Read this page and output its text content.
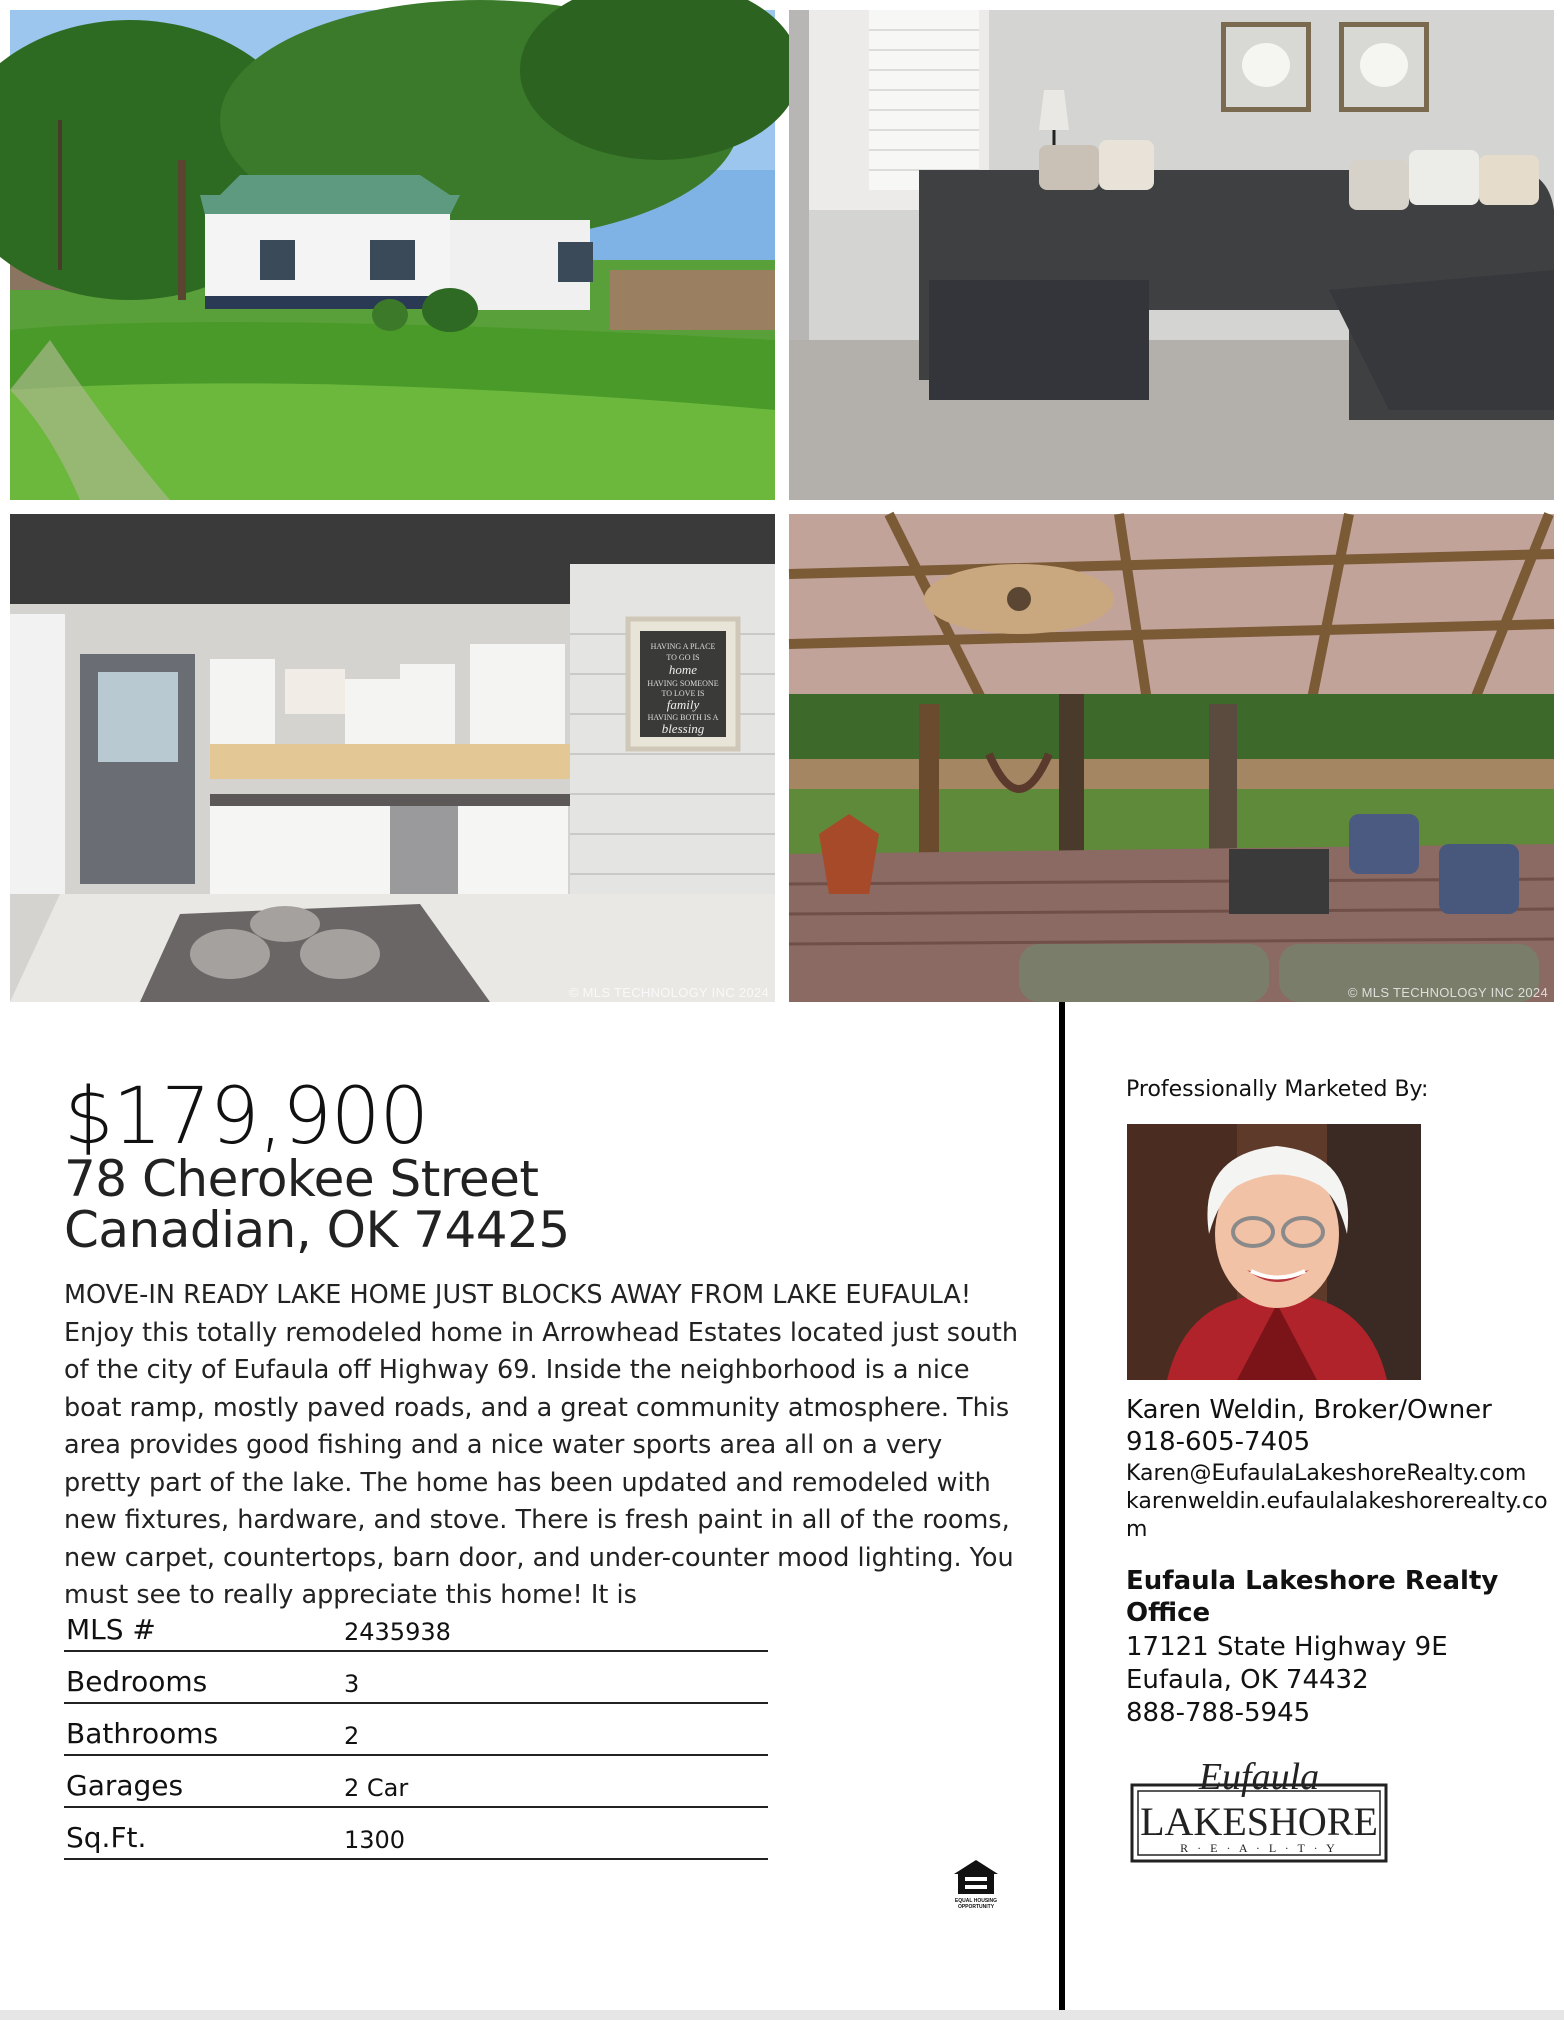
HAVING A PLACE
TO GO IS
home
HAVING SOMEONE
TO LOVE IS
family
HAVING BOTH IS A
blessing
© MLS TECHNOLOGY INC 2024	© MLS TECHNOLOGY INC 2024
$179,900
78 Cherokee Street
Canadian, OK 74425

MOVE-IN READY LAKE HOME JUST BLOCKS AWAY FROM LAKE EUFAULA! Enjoy this totally remodeled home in Arrowhead Estates located just south of the city of Eufaula off Highway 69. Inside the neighborhood is a nice boat ramp, mostly paved roads, and a great community atmosphere. This area provides good fishing and a nice water sports area all on a very pretty part of the lake. The home has been updated and remodeled with new fixtures, hardware, and stove. There is fresh paint in all of the rooms, new carpet, countertops, barn door, and under-counter mood lighting. You must see to really appreciate this home! It is

MLS #	2435938
Bedrooms	3
Bathrooms	2
Garages	2 Car
Sq.Ft.	1300
EQUAL HOUSING
OPPORTUNITY
Professionally Marketed By:
Karen Weldin, Broker/Owner
918-605-7405
Karen@EufaulaLakeshoreRealty.com
karenweldin.eufaulalakeshorerealty.co
m
Eufaula Lakeshore Realty
Office
17121 State Highway 9E
Eufaula, OK 74432
888-788-5945
Eufaula
LAKESHORE
R · E · A · L · T · Y
